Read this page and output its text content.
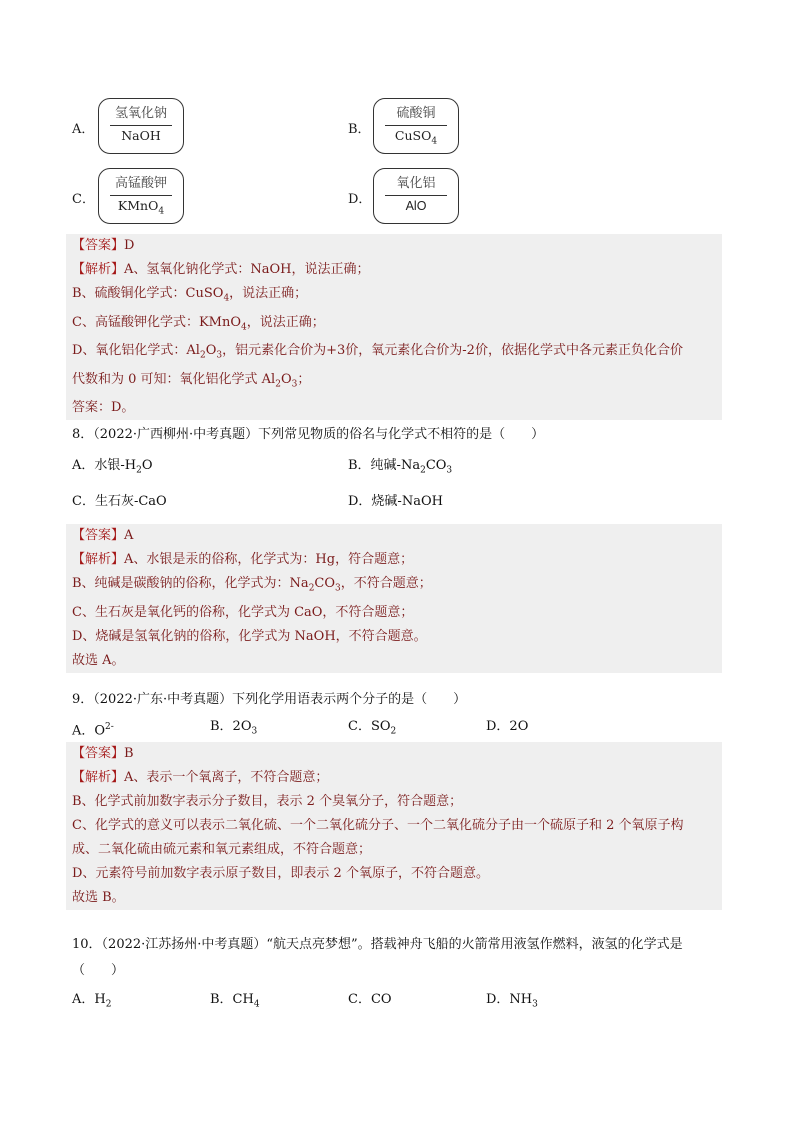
A．
氢氧化钠
NaOH	B．
硫酸铜
CuSO$_4$
C．
高锰酸钾
KMnO$_4$
D．
氧化铝
AlO
【答案】D
【解析】A、氢氧化钠化学式：NaOH，说法正确；
B、硫酸铜化学式：CuSO$_4$，说法正确；
C、高锰酸钾化学式：KMnO$_4$，说法正确；
D、氧化铝化学式：$Al_2O_3$，铝元素化合价为+3价，氧元素化合价为-2价，依据化学式中各元素正负化合价
代数和为 0 可知：氧化铝化学式 $Al_2O_3$；
答案：D。
8．（2022·广西柳州·中考真题）下列常见物质的俗名与化学式不相符的是（　　）
A．水银$-H_2O$	B．纯碱$-Na_2CO_3$
C．生石灰-CaO	D．烧碱-NaOH
【答案】A
【解析】A、水银是汞的俗称，化学式为：Hg，符合题意；
B、纯碱是碳酸钠的俗称，化学式为：$Na_2CO_3$，不符合题意；
C、生石灰是氧化钙的俗称，化学式为 CaO，不符合题意；
D、烧碱是氢氧化钠的俗称，化学式为 NaOH，不符合题意。
故选 A。
9．（2022·广东·中考真题）下列化学用语表示两个分子的是（　　）
A．$O^{2-}$	B．$2O_3$	C．$SO_2$	D．2O
【答案】B
【解析】A、表示一个氧离子，不符合题意；
B、化学式前加数字表示分子数目，表示 2 个臭氧分子，符合题意；
C、化学式的意义可以表示二氧化硫、一个二氧化硫分子、一个二氧化硫分子由一个硫原子和 2 个氧原子构
成、二氧化硫由硫元素和氧元素组成，不符合题意；
D、元素符号前加数字表示原子数目，即表示 2 个氧原子，不符合题意。
故选 B。
10．（2022·江苏扬州·中考真题）“航天点亮梦想”。搭载神舟飞船的火箭常用液氢作燃料，液氢的化学式是
（　　）
A．$H_2$	B．$CH_4$	C．CO	D．$NH_3$
